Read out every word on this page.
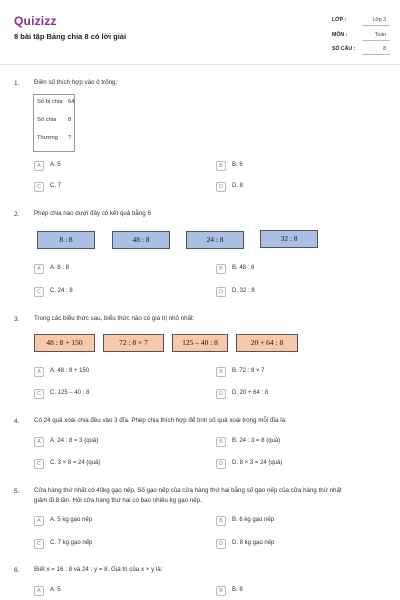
Quizizz
8 bài tập Bảng chia 8 có lời giải
LỚP :	Lớp 3
MÔN :	Toán
SỐ CÂU :	8
1. Điền số thích hợp vào ô trống:
Số bị chia 64
Số chia 8
Thương ?
A	A. 5	B	B. 6
C	C. 7	D	D. 8
2. Phép chia nào dưới đây có kết quả bằng 6
8 : 8	48 : 8	24 : 8	32 : 8
A	A. 8 : 8	B	B. 48 : 8
C	C. 24 : 8	D	D. 32 : 8
3. Trong các biểu thức sau, biểu thức nào có giá trị nhỏ nhất:
48 : 8 + 150	72 : 8 × 7	125 – 40 : 8	20 + 64 : 8
A	A. 48 : 8 + 150	B	B. 72 : 8 × 7
C	C. 125 – 40 : 8	D	D. 20 + 64 : 8
4. Có 24 quả xoài chia đều vào 3 đĩa. Phép chia thích hợp để tính số quả xoài trong mỗi đĩa là:
A	A. 24 : 8 = 3 (quả)	B	B. 24 : 3 = 8 (quả)
C	C. 3 × 8 = 24 (quả)	D	D. 8 × 3 = 24 (quả)
5. Cửa hàng thứ nhất có 40kg gạo nếp, Số gạo nếp của cửa hàng thứ hai bằng số gạo nếp của cửa hàng thứ nhất
giảm đi 8 lần. Hỏi cửa hàng thứ hai có bao nhiêu kg gạo nếp.
A	A. 5 kg gạo nếp	B	B. 6 kg gạo nếp
C	C. 7 kg gạo nếp	D	D. 8 kg gạo nếp
6. Biết x = 16 : 8 và 24 : y = 8. Giá trị của x × y là:
A	A. 5	B	B. 8
